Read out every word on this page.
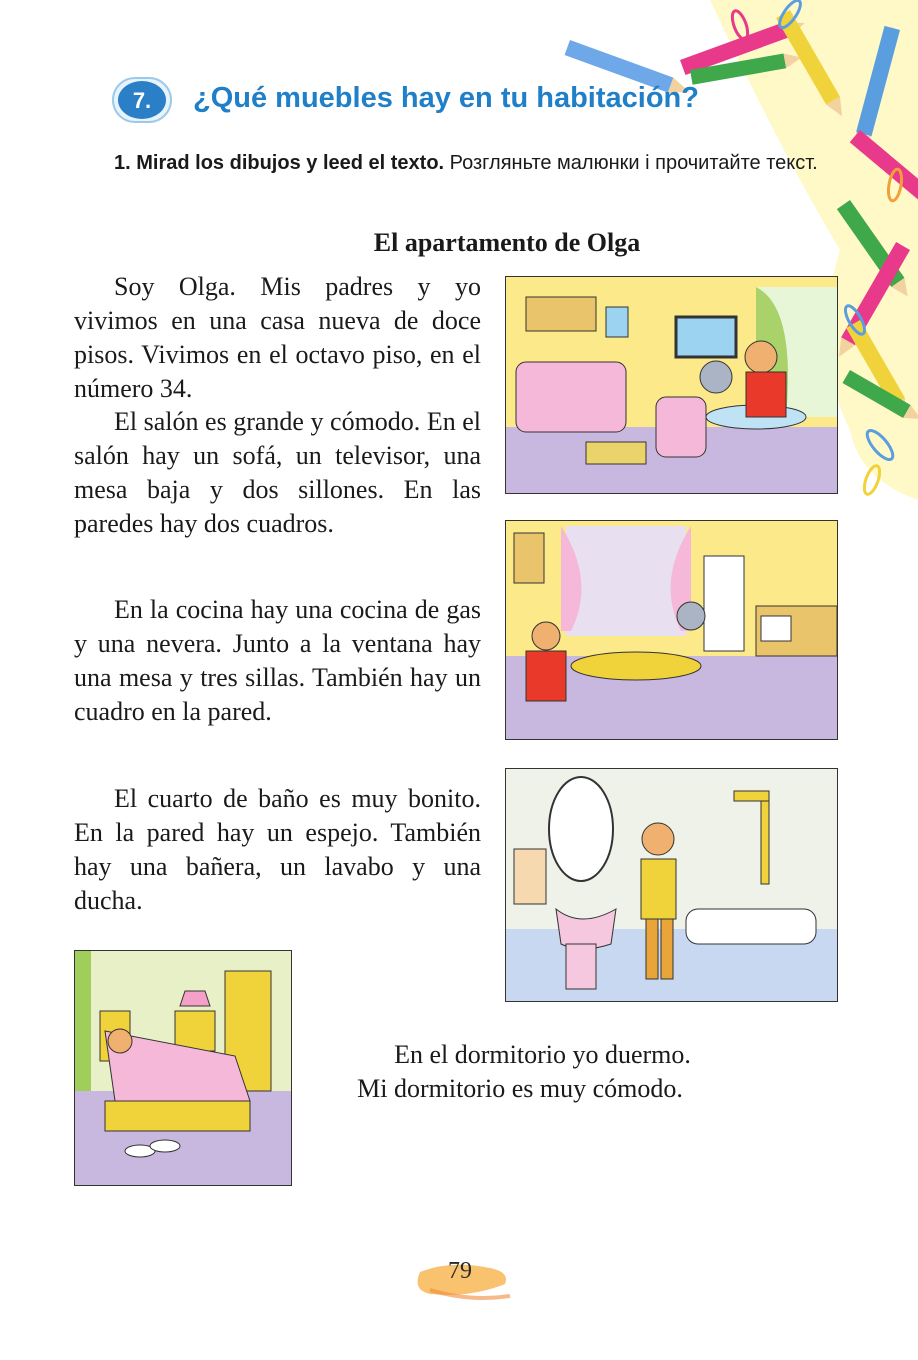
7. ¿Qué muebles hay en tu habitación?
1. Mirad los dibujos y leed el texto. Розгляньте малюнки і прочитайте текст.
El apartamento de Olga
Soy Olga. Mis padres y yo vivimos en una casa nueva de doce pisos. Vivimos en el octavo piso, en el número 34.
El salón es grande y cómodo. En el salón hay un sofá, un televisor, una mesa baja y dos sillones. En las paredes hay dos cuadros.
En la cocina hay una cocina de gas y una nevera. Junto a la ventana hay una mesa y tres sillas. También hay un cuadro en la pared.
El cuarto de baño es muy bonito. En la pared hay un espejo. También hay una bañera, un lavabo y una ducha.
En el dormitorio yo duermo.
Mi dormitorio es muy cómodo.
79
